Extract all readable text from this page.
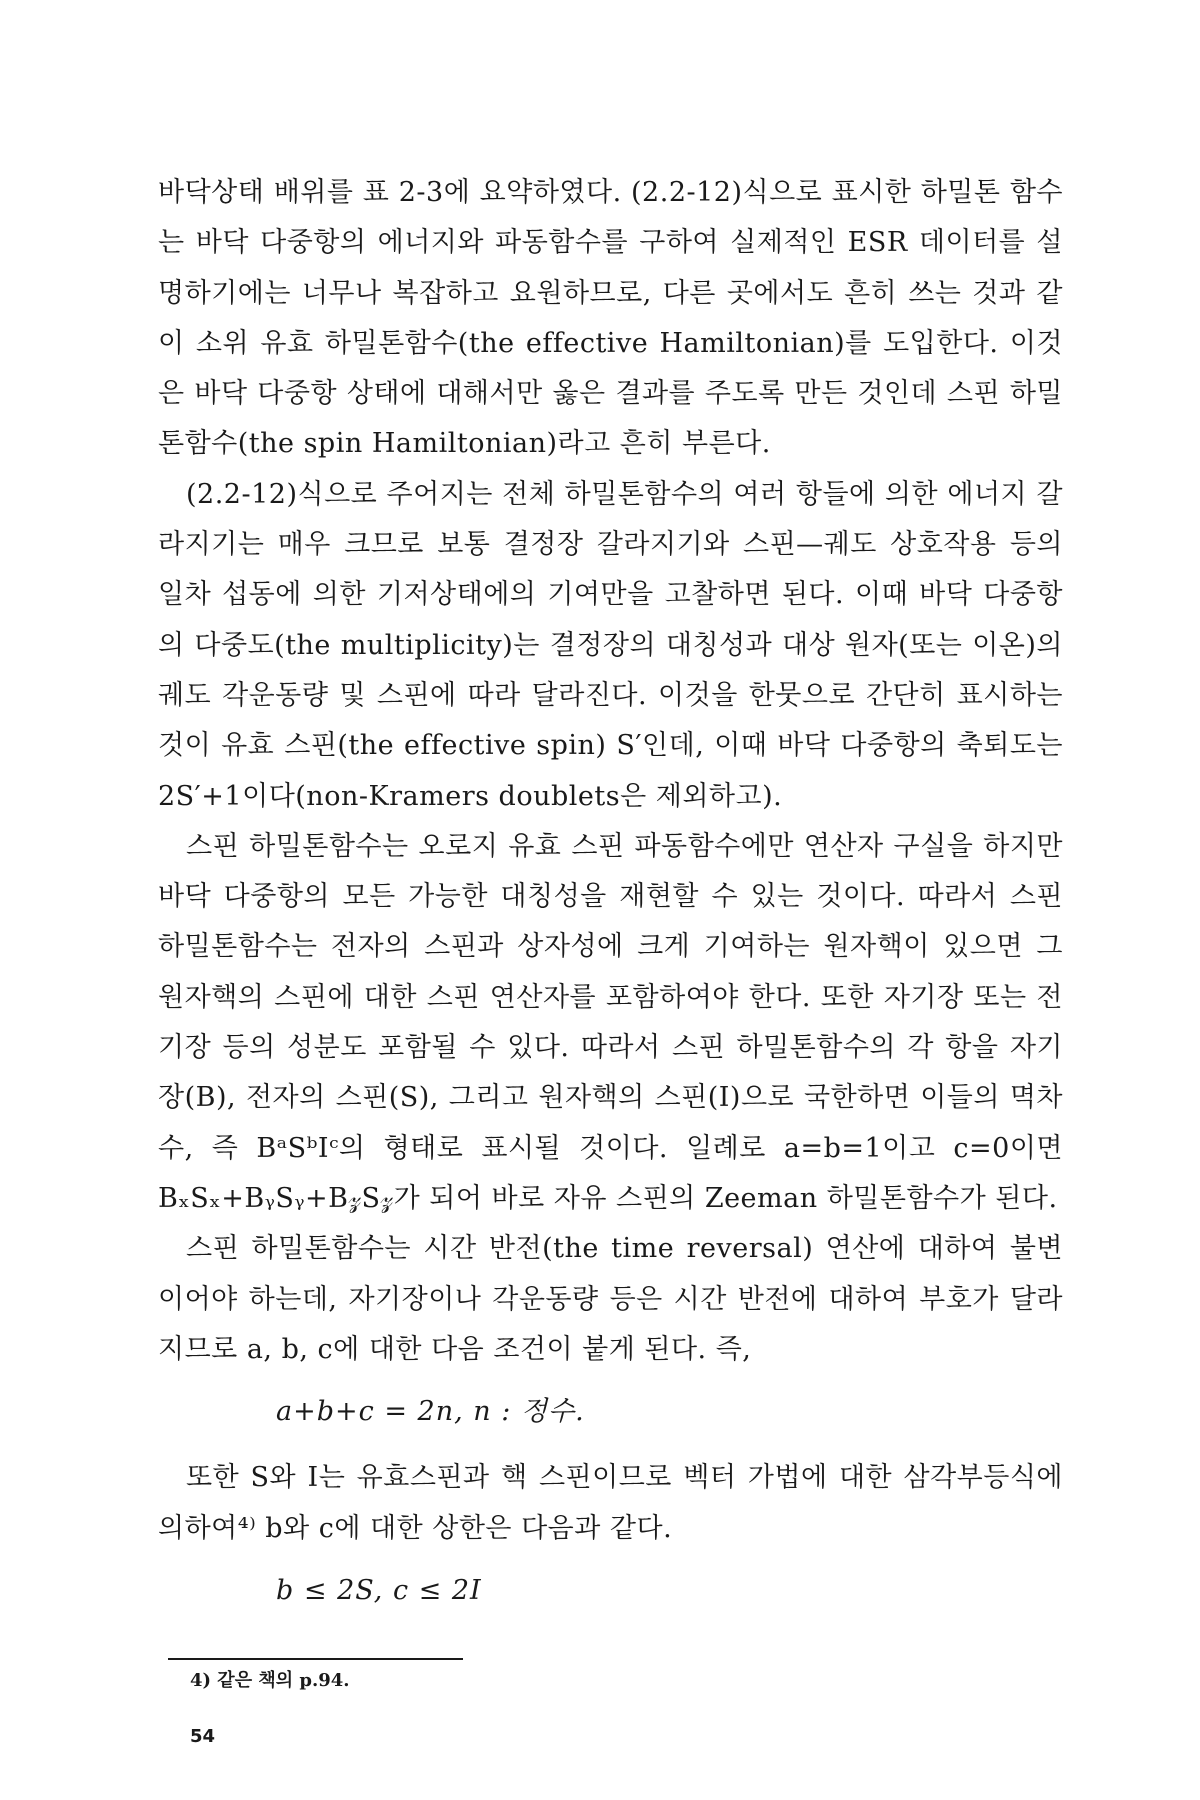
바닥상태 배위를 표 2-3에 요약하였다. (2.2-12)식으로 표시한 하밀톤 함수는 바닥 다중항의 에너지와 파동함수를 구하여 실제적인 ESR 데이터를 설명하기에는 너무나 복잡하고 요원하므로, 다른 곳에서도 흔히 쓰는 것과 같이 소위 유효 하밀톤함수(the effective Hamiltonian)를 도입한다. 이것은 바닥 다중항 상태에 대해서만 옳은 결과를 주도록 만든 것인데 스핀 하밀톤함수(the spin Hamiltonian)라고 흔히 부른다.

(2.2-12)식으로 주어지는 전체 하밀톤함수의 여러 항들에 의한 에너지 갈라지기는 매우 크므로 보통 결정장 갈라지기와 스핀—궤도 상호작용 등의 일차 섭동에 의한 기저상태에의 기여만을 고찰하면 된다. 이때 바닥 다중항의 다중도(the multiplicity)는 결정장의 대칭성과 대상 원자(또는 이온)의 궤도 각운동량 및 스핀에 따라 달라진다. 이것을 한뭇으로 간단히 표시하는 것이 유효 스핀(the effective spin) S′인데, 이때 바닥 다중항의 축퇴도는 2S′+1이다(non-Kramers doublets은 제외하고).

스핀 하밀톤함수는 오로지 유효 스핀 파동함수에만 연산자 구실을 하지만 바닥 다중항의 모든 가능한 대칭성을 재현할 수 있는 것이다. 따라서 스핀 하밀톤함수는 전자의 스핀과 상자성에 크게 기여하는 원자핵이 있으면 그 원자핵의 스핀에 대한 스핀 연산자를 포함하여야 한다. 또한 자기장 또는 전기장 등의 성분도 포함될 수 있다. 따라서 스핀 하밀톤함수의 각 항을 자기장(B), 전자의 스핀(S), 그리고 원자핵의 스핀(I)으로 국한하면 이들의 멱차수, 즉 BᵃSᵇIᶜ의 형태로 표시될 것이다. 일례로 a=b=1이고 c=0이면 BₓSₓ+BᵧSᵧ+B𝓏S𝓏가 되어 바로 자유 스핀의 Zeeman 하밀톤함수가 된다.

스핀 하밀톤함수는 시간 반전(the time reversal) 연산에 대하여 불변이어야 하는데, 자기장이나 각운동량 등은 시간 반전에 대하여 부호가 달라지므로 a, b, c에 대한 다음 조건이 붙게 된다. 즉,

a+b+c = 2n, n : 정수.

또한 S와 I는 유효스핀과 핵 스핀이므로 벡터 가법에 대한 삼각부등식에 의하여⁴⁾ b와 c에 대한 상한은 다음과 같다.

b ≤ 2S, c ≤ 2I
4) 같은 책의 p.94.
54
